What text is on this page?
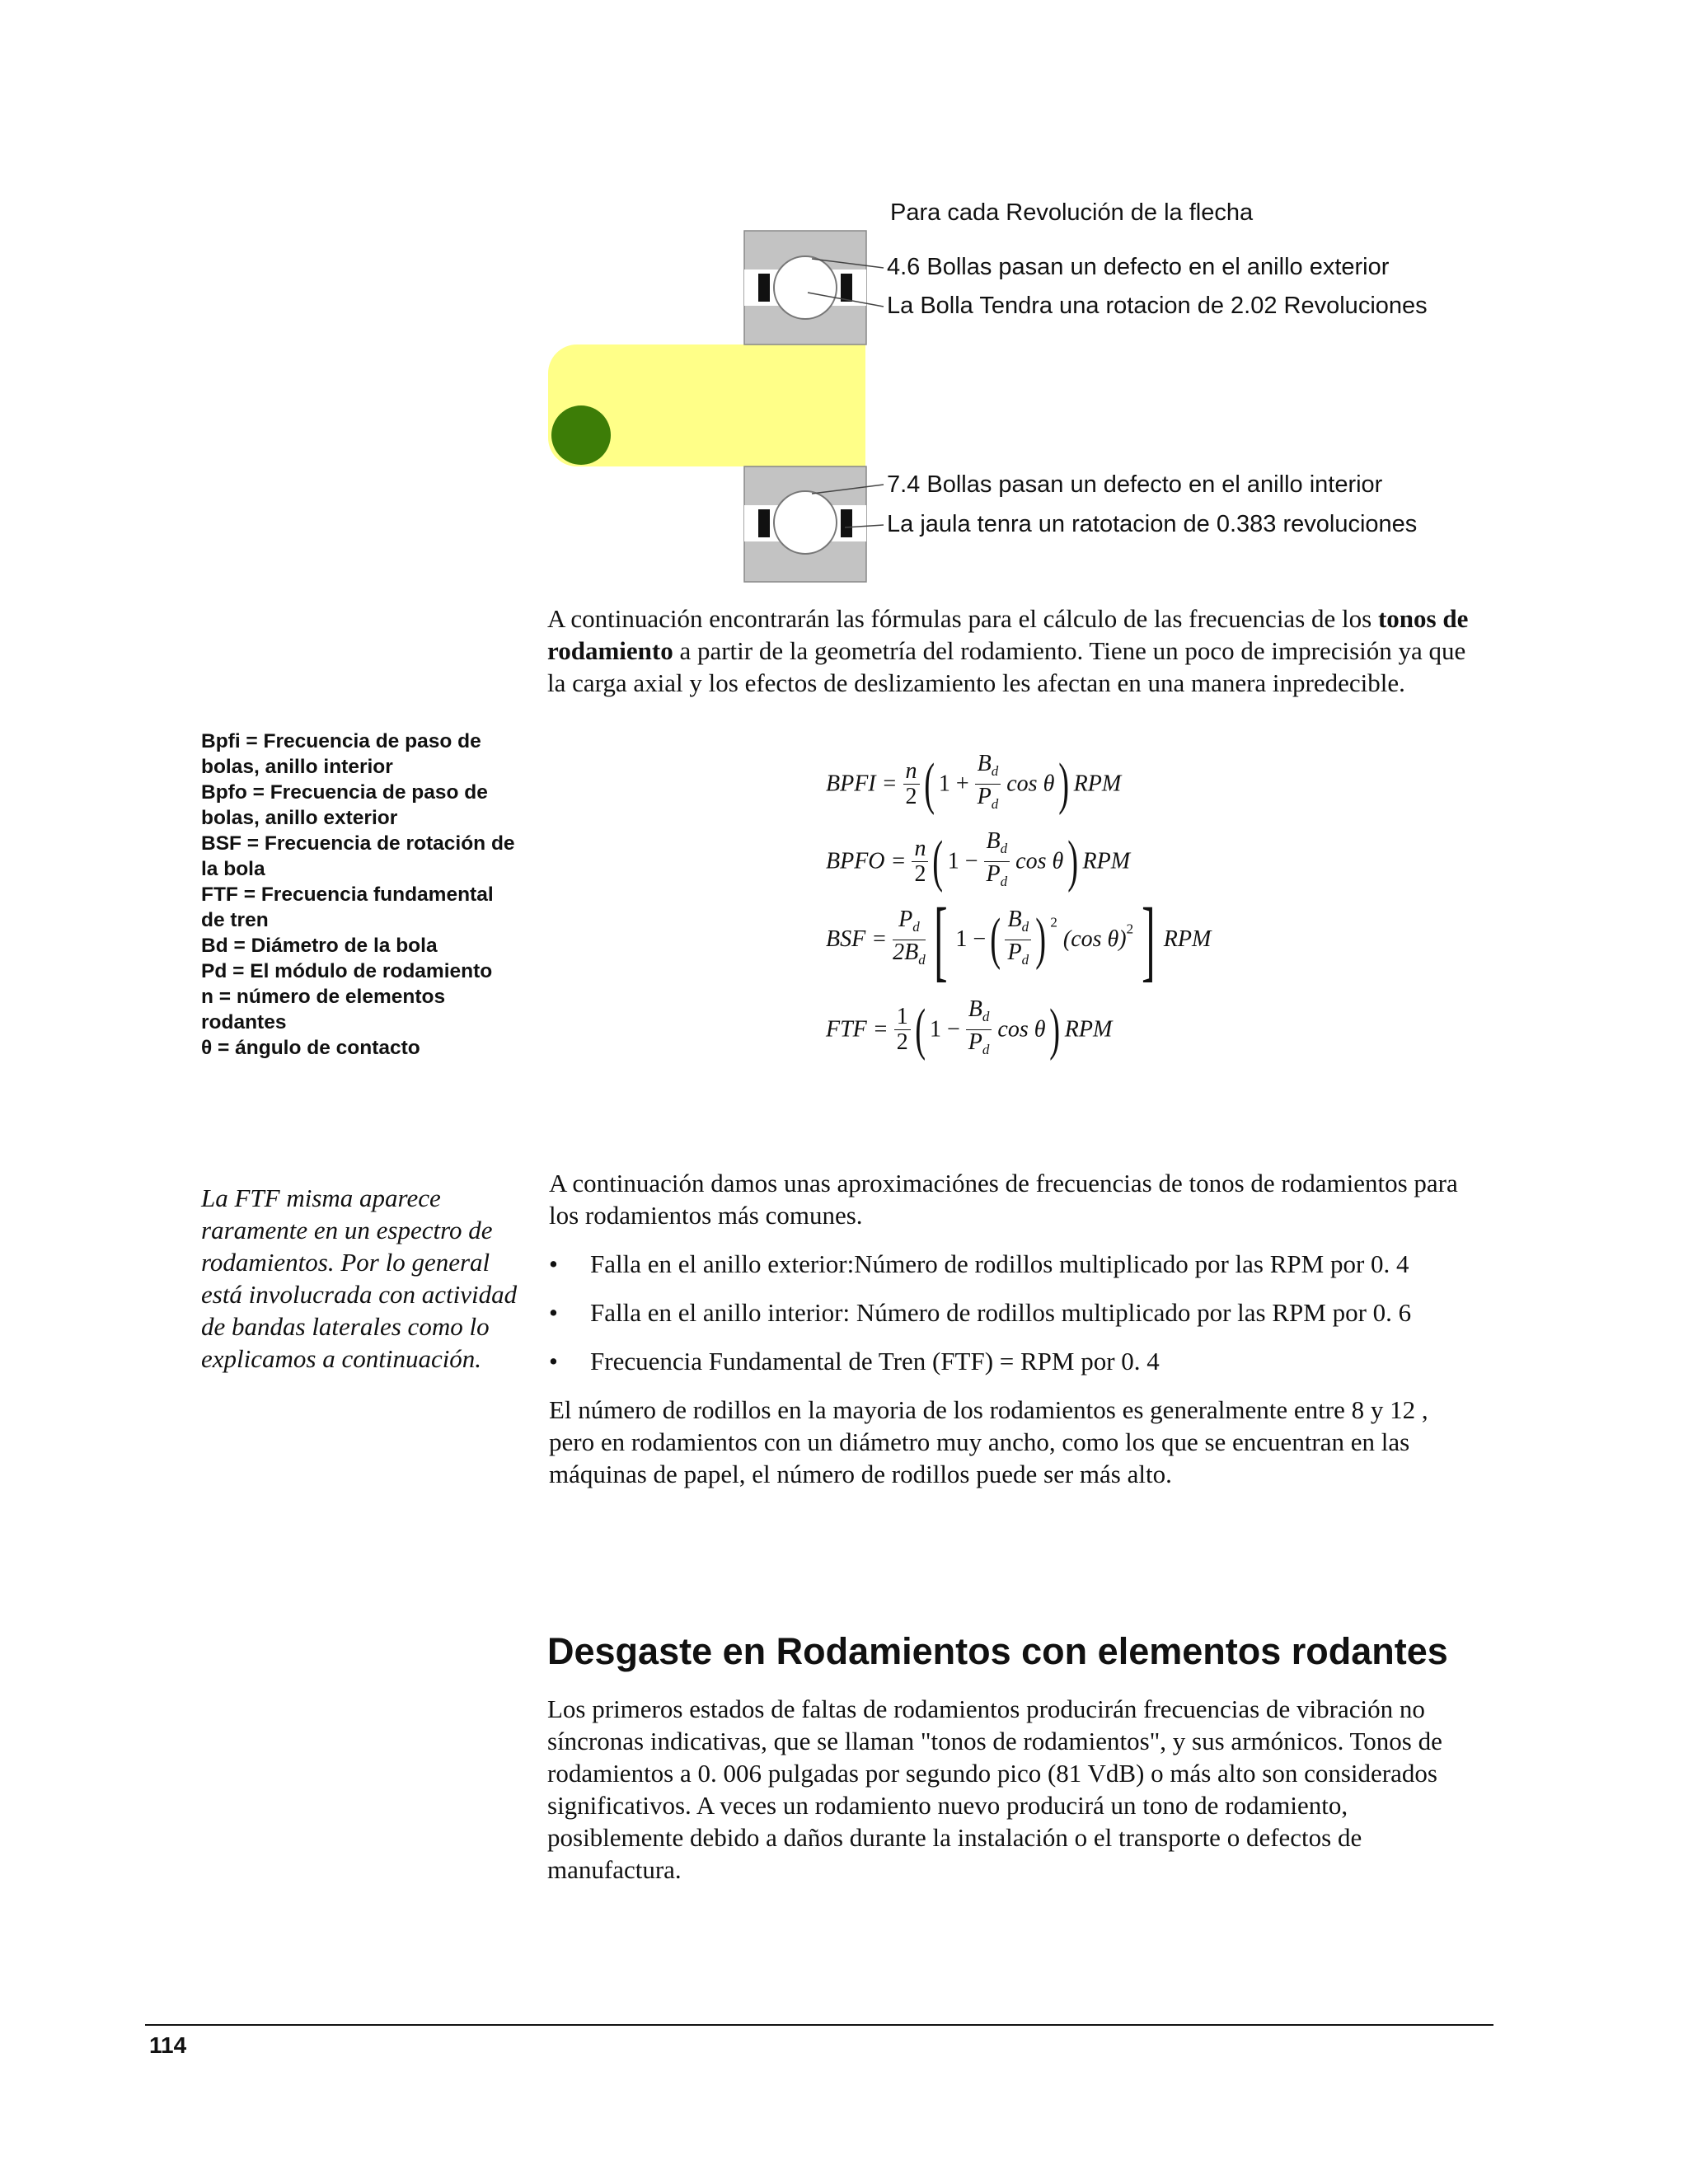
Para cada Revolución de la flecha
4.6 Bollas pasan un defecto en el anillo exterior
La Bolla Tendra una rotacion de 2.02 Revoluciones
7.4 Bollas pasan un defecto en el anillo interior
La jaula tenra un ratotacion de 0.383 revoluciones
A continuación encontrarán las fórmulas para el cálculo de las frecuencias de los tonos de rodamiento a partir de la geometría del rodamiento. Tiene un poco de imprecisión ya que la carga axial y los efectos de deslizamiento les afectan en una manera inpredecible.
Bpfi = Frecuencia de paso de bolas, anillo interior
Bpfo = Frecuencia de paso de bolas, anillo exterior
BSF = Frecuencia de rotación de la bola
FTF = Frecuencia fundamental de tren
Bd = Diámetro de la bola
Pd = El módulo de rodamiento
n = número de elementos rodantes
θ = ángulo de contacto
BPFI = $\frac{n}{2}$ ( $1 + \frac{B_d}{P_d}$ cos θ) RPM
BPFO = $\frac{n}{2}$ ( $1 - \frac{B_d}{P_d}$ cos θ) RPM
BSF = $\frac{P_d}{2B_d}$ [ 1 −( $\frac{B_d}{P_d}$ ) $^2$ (cos θ)$^2$] RPM
FTF = $\frac{1}{2}$ ( $1 - \frac{B_d}{P_d}$ cos θ) RPM
La FTF misma aparece raramente en un espectro de rodamientos. Por lo general está involucrada con actividad de bandas laterales como lo explicamos a continuación.
A continuación damos unas aproximaciónes de frecuencias de tonos de rodamientos para los rodamientos más comunes.
• Falla en el anillo exterior:Número de rodillos multiplicado por las RPM por 0. 4
• Falla en el anillo interior: Número de rodillos multiplicado por las RPM por 0. 6
• Frecuencia Fundamental de Tren (FTF) = RPM por 0. 4
El número de rodillos en la mayoria de los rodamientos es generalmente entre 8 y 12 , pero en rodamientos con un diámetro muy ancho, como los que se encuentran en las máquinas de papel, el número de rodillos puede ser más alto.
Desgaste en Rodamientos con elementos rodantes
Los primeros estados de faltas de rodamientos producirán frecuencias de vibración no síncronas indicativas, que se llaman "tonos de rodamientos", y sus armónicos. Tonos de rodamientos a 0. 006 pulgadas por segundo pico (81 VdB) o más alto son considerados significativos. A veces un rodamiento nuevo producirá un tono de rodamiento, posiblemente debido a daños durante la instalación o el transporte o defectos de manufactura.
114
